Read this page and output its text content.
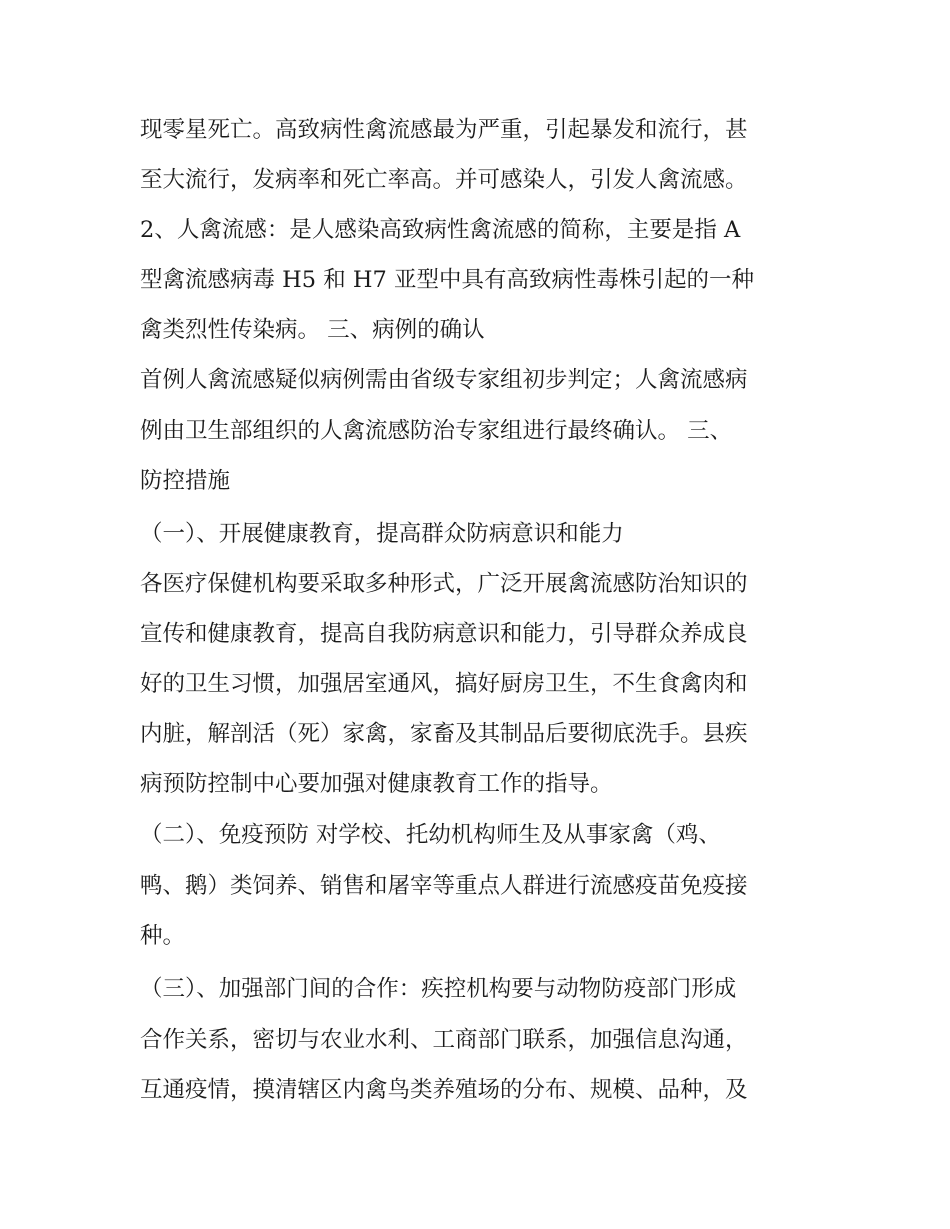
现零星死亡。高致病性禽流感最为严重，引起暴发和流行，甚
至大流行，发病率和死亡率高。并可感染人，引发人禽流感。
2、人禽流感：是人感染高致病性禽流感的简称，主要是指 A
型禽流感病毒 H5 和 H7 亚型中具有高致病性毒株引起的一种
禽类烈性传染病。 三、病例的确认
首例人禽流感疑似病例需由省级专家组初步判定；人禽流感病
例由卫生部组织的人禽流感防治专家组进行最终确认。 三、
防控措施
（一）、开展健康教育，提高群众防病意识和能力
各医疗保健机构要采取多种形式，广泛开展禽流感防治知识的
宣传和健康教育，提高自我防病意识和能力，引导群众养成良
好的卫生习惯，加强居室通风，搞好厨房卫生，不生食禽肉和
内脏，解剖活（死）家禽，家畜及其制品后要彻底洗手。县疾
病预防控制中心要加强对健康教育工作的指导。
（二）、免疫预防 对学校、托幼机构师生及从事家禽（鸡、
鸭、鹅）类饲养、销售和屠宰等重点人群进行流感疫苗免疫接
种。
（三）、加强部门间的合作：疾控机构要与动物防疫部门形成
合作关系，密切与农业水利、工商部门联系，加强信息沟通，
互通疫情，摸清辖区内禽鸟类养殖场的分布、规模、品种，及
